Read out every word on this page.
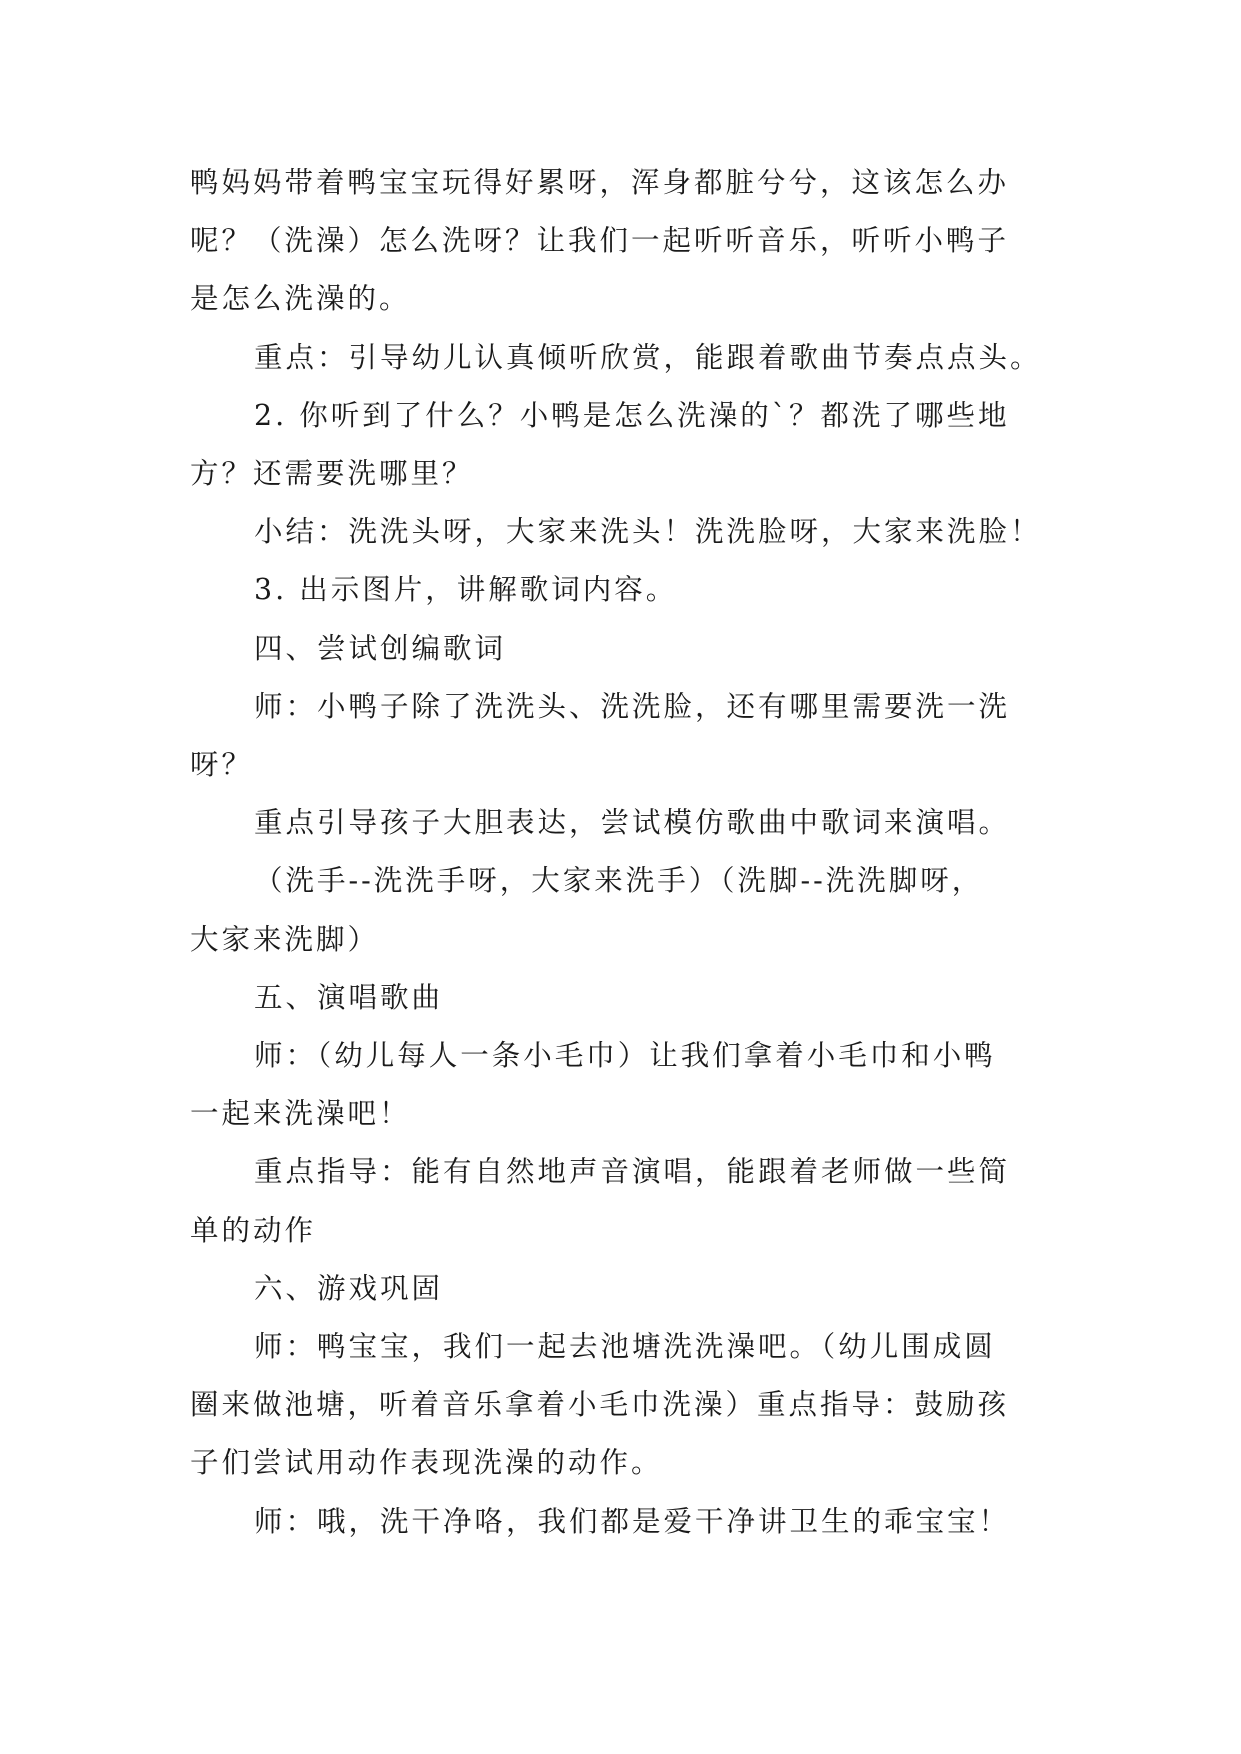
鸭妈妈带着鸭宝宝玩得好累呀，浑身都脏兮兮，这该怎么办

呢？（洗澡）怎么洗呀？让我们一起听听音乐，听听小鸭子

是怎么洗澡的。

重点：引导幼儿认真倾听欣赏，能跟着歌曲节奏点点头。

2. 你听到了什么？小鸭是怎么洗澡的`？都洗了哪些地

方？还需要洗哪里？

小结：洗洗头呀，大家来洗头！洗洗脸呀，大家来洗脸！

3. 出示图片，讲解歌词内容。

四、尝试创编歌词

师：小鸭子除了洗洗头、洗洗脸，还有哪里需要洗一洗

呀？

重点引导孩子大胆表达，尝试模仿歌曲中歌词来演唱。

（洗手--洗洗手呀，大家来洗手）（洗脚--洗洗脚呀，

大家来洗脚）

五、演唱歌曲

师：（幼儿每人一条小毛巾）让我们拿着小毛巾和小鸭

一起来洗澡吧！

重点指导：能有自然地声音演唱，能跟着老师做一些简

单的动作

六、游戏巩固

师：鸭宝宝，我们一起去池塘洗洗澡吧。（幼儿围成圆

圈来做池塘，听着音乐拿着小毛巾洗澡）重点指导：鼓励孩

子们尝试用动作表现洗澡的动作。

师：哦，洗干净咯，我们都是爱干净讲卫生的乖宝宝！
